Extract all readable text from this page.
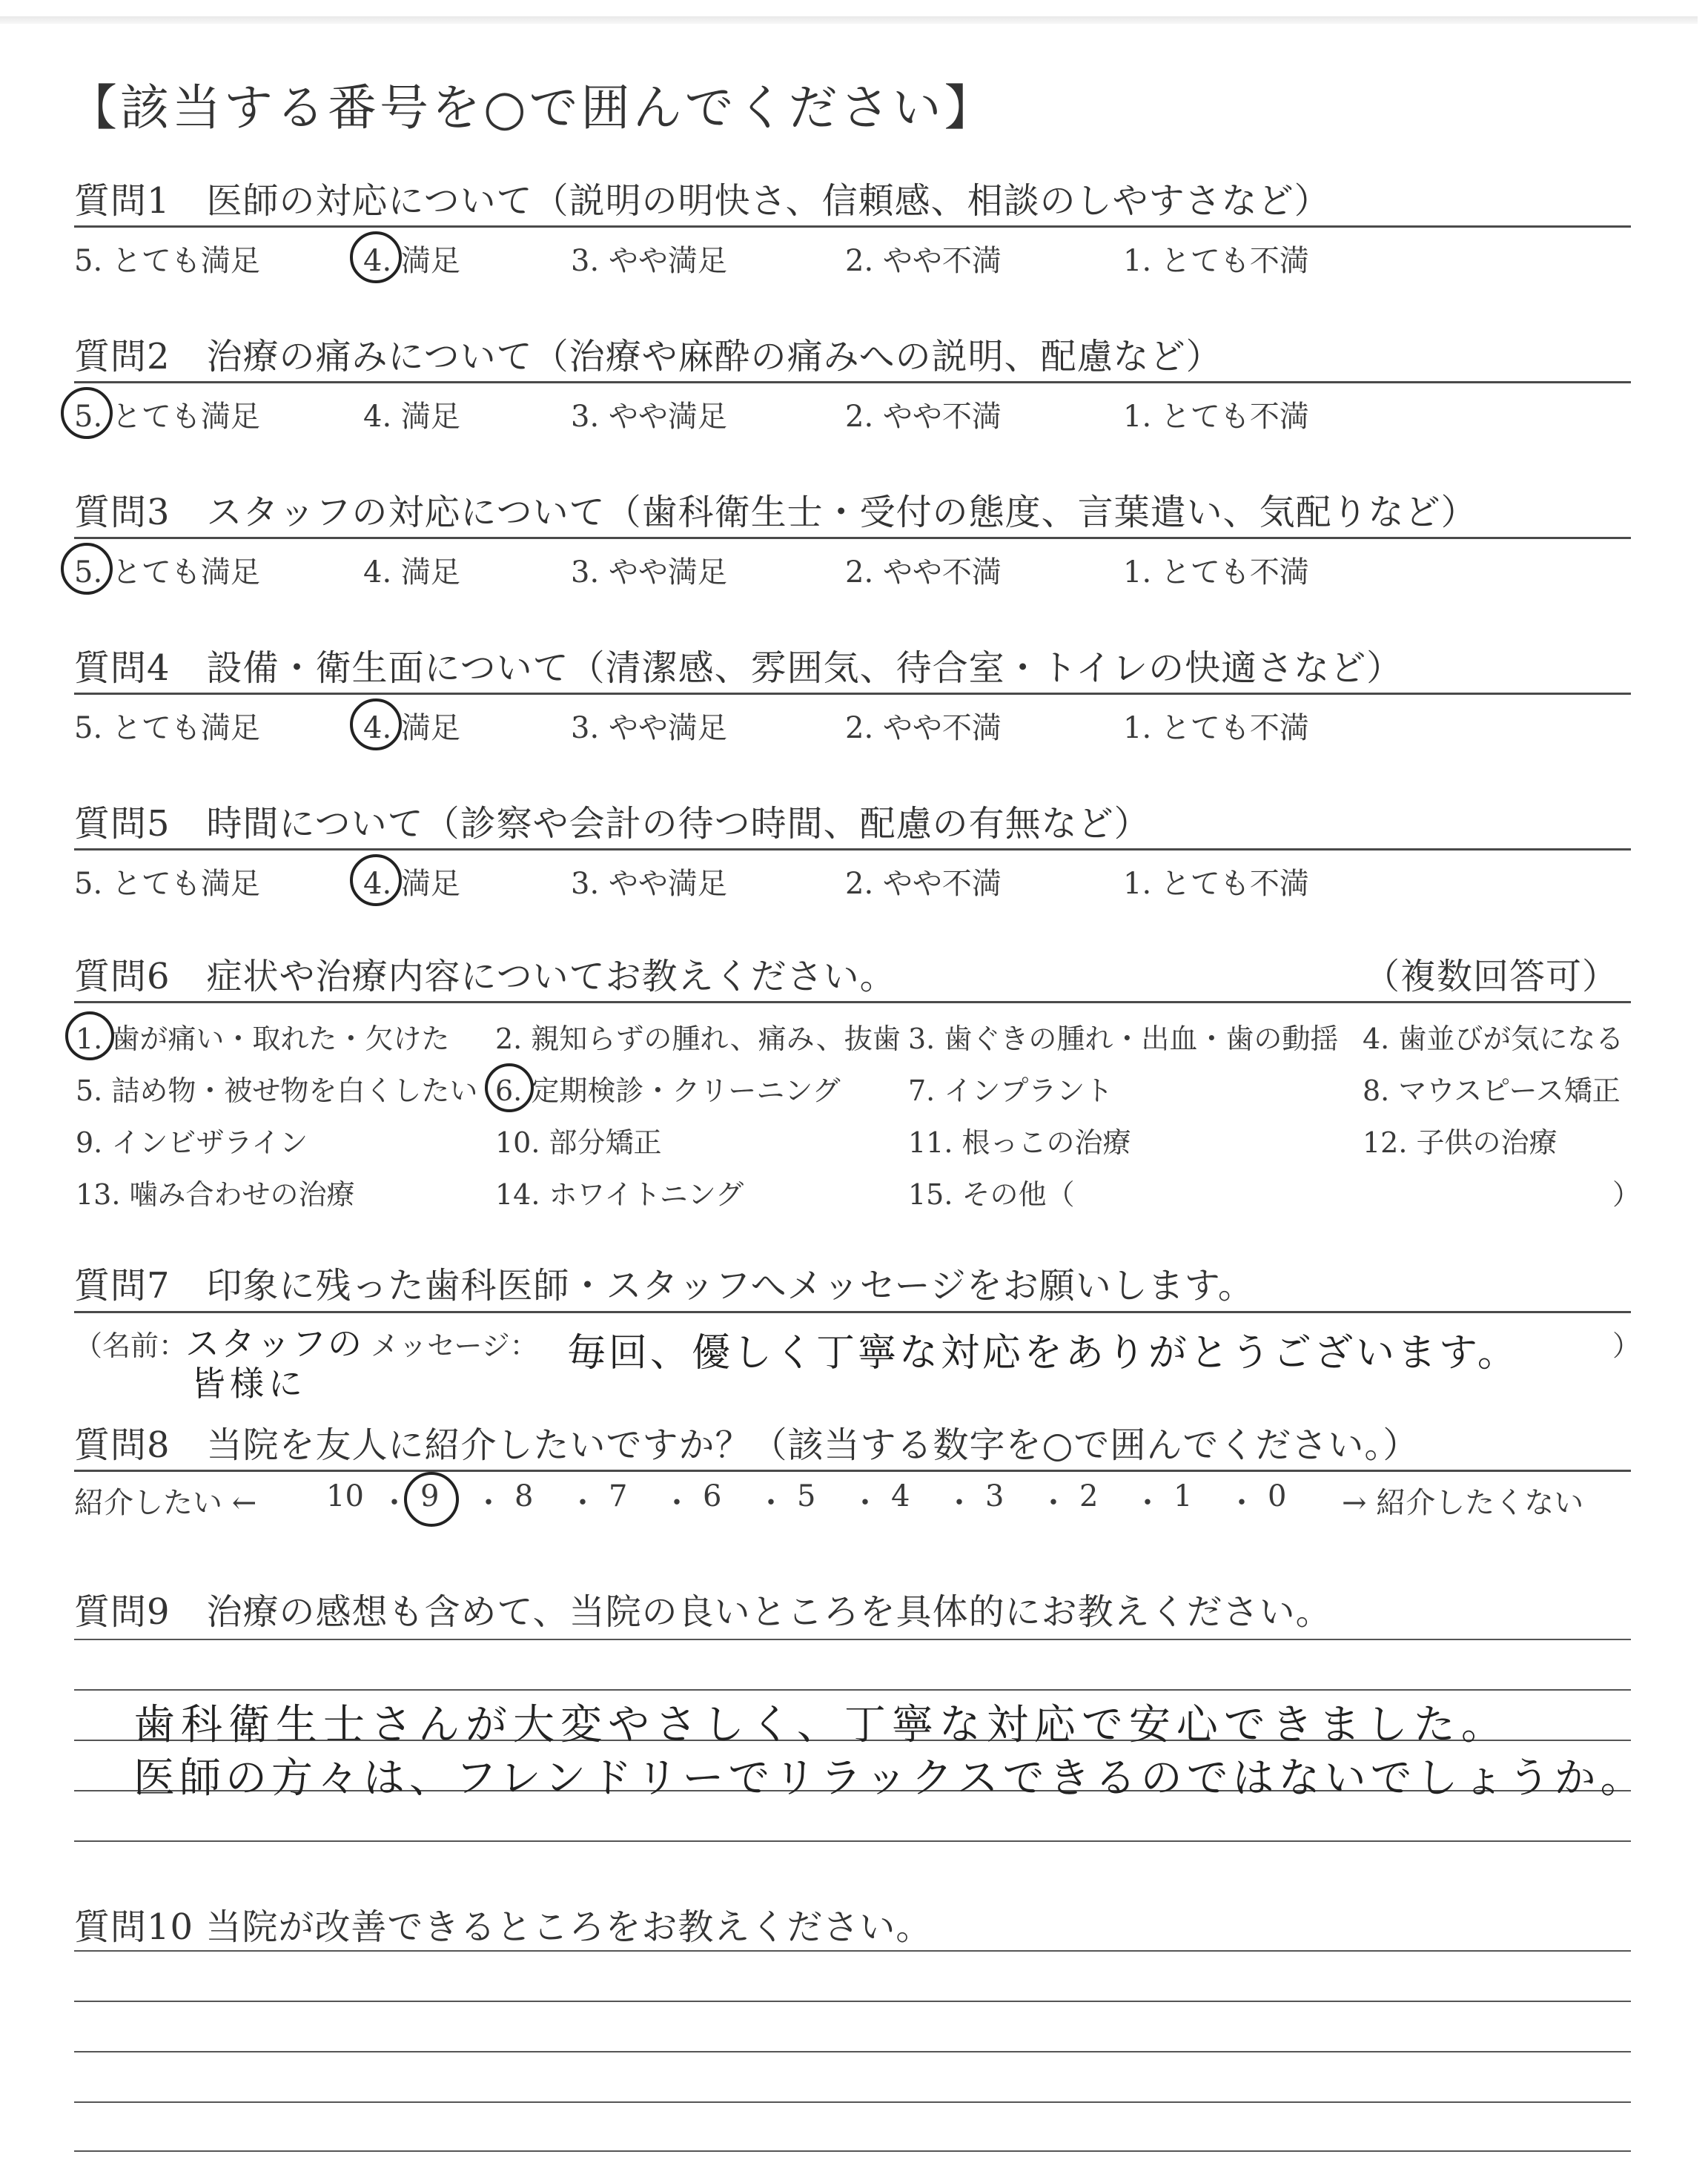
【該当する番号を○で囲んでください】
質問1　医師の対応について（説明の明快さ、信頼感、相談のしやすさなど）
5. とても満足	4. 満足	3. やや満足	2. やや不満	1. とても不満
質問2　治療の痛みについて（治療や麻酔の痛みへの説明、配慮など）
5. とても満足	4. 満足	3. やや満足	2. やや不満	1. とても不満
質問3　スタッフの対応について（歯科衛生士・受付の態度、言葉遣い、気配りなど）
5. とても満足	4. 満足	3. やや満足	2. やや不満	1. とても不満
質問4　設備・衛生面について（清潔感、雰囲気、待合室・トイレの快適さなど）
5. とても満足	4. 満足	3. やや満足	2. やや不満	1. とても不満
質問5　時間について（診察や会計の待つ時間、配慮の有無など）
5. とても満足	4. 満足	3. やや満足	2. やや不満	1. とても不満
質問6　症状や治療内容についてお教えください。	（複数回答可）
1. 歯が痛い・取れた・欠けた 2. 親知らずの腫れ、痛み、抜歯 3. 歯ぐきの腫れ・出血・歯の動揺 4. 歯並びが気になる
5. 詰め物・被せ物を白くしたい 6. 定期検診・クリーニング 7. インプラント	8. マウスピース矯正
9. インビザライン	10. 部分矯正	11. 根っこの治療	12. 子供の治療
13. 噛み合わせの治療	14. ホワイトニング	15. その他（	）
質問7　印象に残った歯科医師・スタッフへメッセージをお願いします。
（名前：
スタッフの
皆様に
メッセージ： 毎回、優しく丁寧な対応をありがとうございます。	）
質問8　当院を友人に紹介したいですか？（該当する数字を○で囲んでください。）
紹介したい ←	→ 紹介したくない
10 ・ 9 ・ 8 ・ 7 ・ 6 ・ 5 ・ 4 ・ 3 ・ 2 ・ 1 ・ 0
質問9　治療の感想も含めて、当院の良いところを具体的にお教えください。
歯科衛生士さんが大変やさしく、丁寧な対応で安心できました。
医師の方々は、フレンドリーでリラックスできるのではないでしょうか。
質問10 当院が改善できるところをお教えください。
